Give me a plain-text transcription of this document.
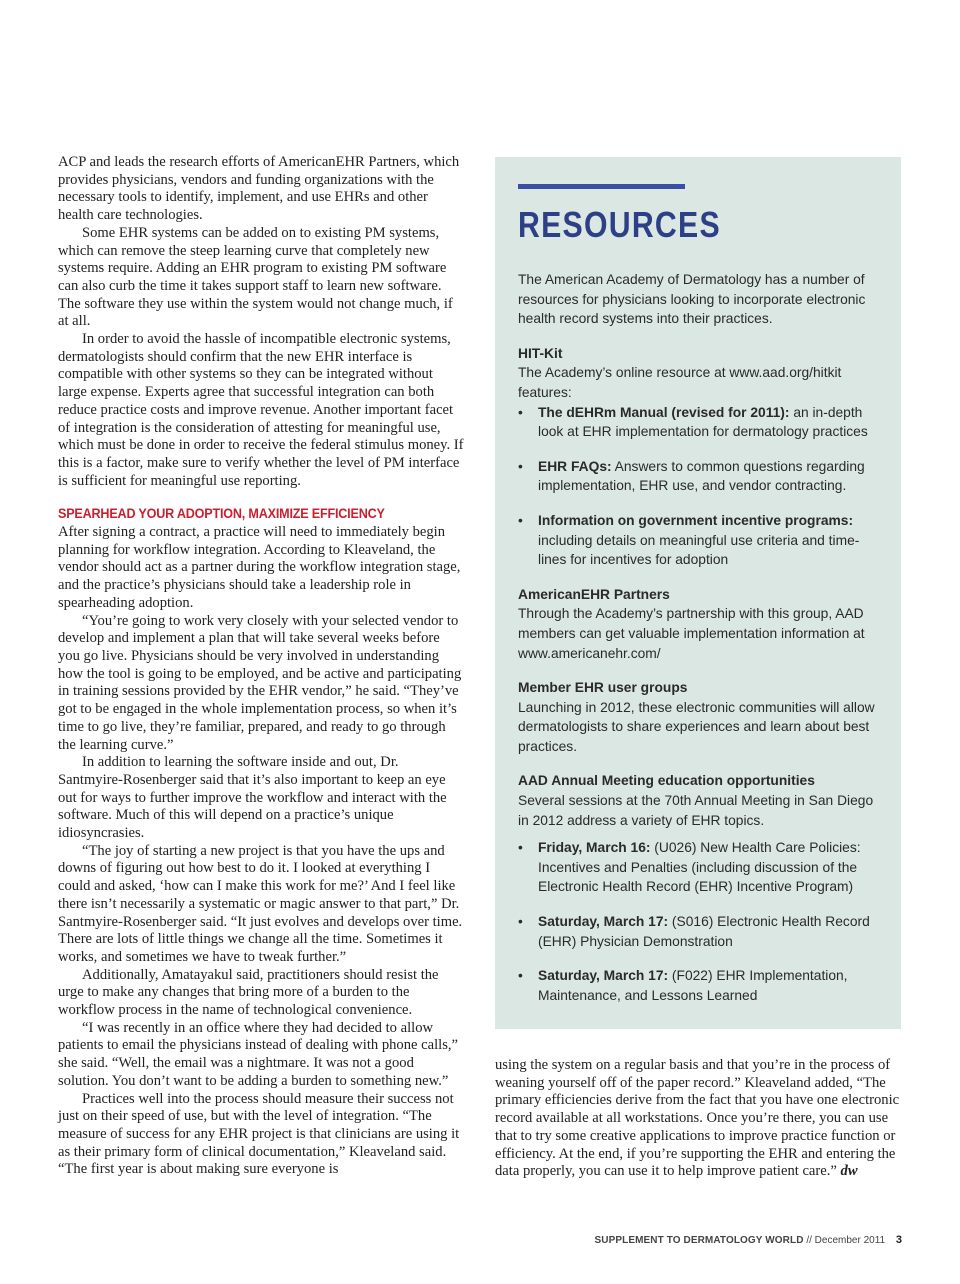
ACP and leads the research efforts of AmericanEHR Partners, which provides physicians, vendors and funding organizations with the necessary tools to identify, implement, and use EHRs and other health care technologies.

Some EHR systems can be added on to existing PM systems, which can remove the steep learning curve that completely new systems require. Adding an EHR program to existing PM software can also curb the time it takes support staff to learn new software. The software they use within the system would not change much, if at all.

In order to avoid the hassle of incompatible electronic systems, dermatologists should confirm that the new EHR interface is compatible with other systems so they can be integrated without large expense. Experts agree that successful integration can both reduce practice costs and improve revenue. Another important facet of integration is the consideration of attesting for meaningful use, which must be done in order to receive the federal stimulus money. If this is a factor, make sure to verify whether the level of PM interface is sufficient for meaningful use reporting.

SPEARHEAD YOUR ADOPTION, MAXIMIZE EFFICIENCY

After signing a contract, a practice will need to immediately begin planning for workflow integration. According to Kleaveland, the vendor should act as a partner during the workflow integration stage, and the practice’s physicians should take a leadership role in spearheading adoption.

“You’re going to work very closely with your selected vendor to develop and implement a plan that will take several weeks before you go live. Physicians should be very involved in understanding how the tool is going to be employed, and be active and participating in training sessions provided by the EHR vendor,” he said. “They’ve got to be engaged in the whole implementation process, so when it’s time to go live, they’re familiar, prepared, and ready to go through the learning curve.”

In addition to learning the software inside and out, Dr. Santmyire-Rosenberger said that it’s also important to keep an eye out for ways to further improve the workflow and interact with the software. Much of this will depend on a practice’s unique idiosyncrasies.

“The joy of starting a new project is that you have the ups and downs of figuring out how best to do it. I looked at everything I could and asked, ‘how can I make this work for me?’ And I feel like there isn’t necessarily a systematic or magic answer to that part,” Dr. Santmyire-Rosenberger said. “It just evolves and develops over time. There are lots of little things we change all the time. Sometimes it works, and sometimes we have to tweak further.”

Additionally, Amatayakul said, practitioners should resist the urge to make any changes that bring more of a burden to the workflow process in the name of technological convenience.

“I was recently in an office where they had decided to allow patients to email the physicians instead of dealing with phone calls,” she said. “Well, the email was a nightmare. It was not a good solution. You don’t want to be adding a burden to something new.”

Practices well into the process should measure their success not just on their speed of use, but with the level of integration. “The measure of success for any EHR project is that clinicians are using it as their primary form of clinical documentation,” Kleaveland said. “The first year is about making sure everyone is

RESOURCES

The American Academy of Dermatology has a number of resources for physicians looking to incorporate electronic health record systems into their practices.

HIT-Kit

The Academy’s online resource at www.aad.org/hitkit features:

• The dEHRm Manual (revised for 2011): an in-depth look at EHR implementation for dermatology practices
• EHR FAQs: Answers to common questions regarding implementation, EHR use, and vendor contracting.
• Information on government incentive programs: including details on meaningful use criteria and time-lines for incentives for adoption
AmericanEHR Partners

Through the Academy’s partnership with this group, AAD members can get valuable implementation information at www.americanehr.com/

Member EHR user groups

Launching in 2012, these electronic communities will allow dermatologists to share experiences and learn about best practices.

AAD Annual Meeting education opportunities

Several sessions at the 70th Annual Meeting in San Diego in 2012 address a variety of EHR topics.

• Friday, March 16: (U026) New Health Care Policies: Incentives and Penalties (including discussion of the Electronic Health Record (EHR) Incentive Program)
• Saturday, March 17: (S016) Electronic Health Record (EHR) Physician Demonstration
• Saturday, March 17: (F022) EHR Implementation, Maintenance, and Lessons Learned

using the system on a regular basis and that you’re in the process of weaning yourself off of the paper record.” Kleaveland added, “The primary efficiencies derive from the fact that you have one electronic record available at all workstations. Once you’re there, you can use that to try some creative applications to improve practice function or efficiency. At the end, if you’re supporting the EHR and entering the data properly, you can use it to help improve patient care.” dw

SUPPLEMENT TO DERMATOLOGY WORLD // December 2011 3
